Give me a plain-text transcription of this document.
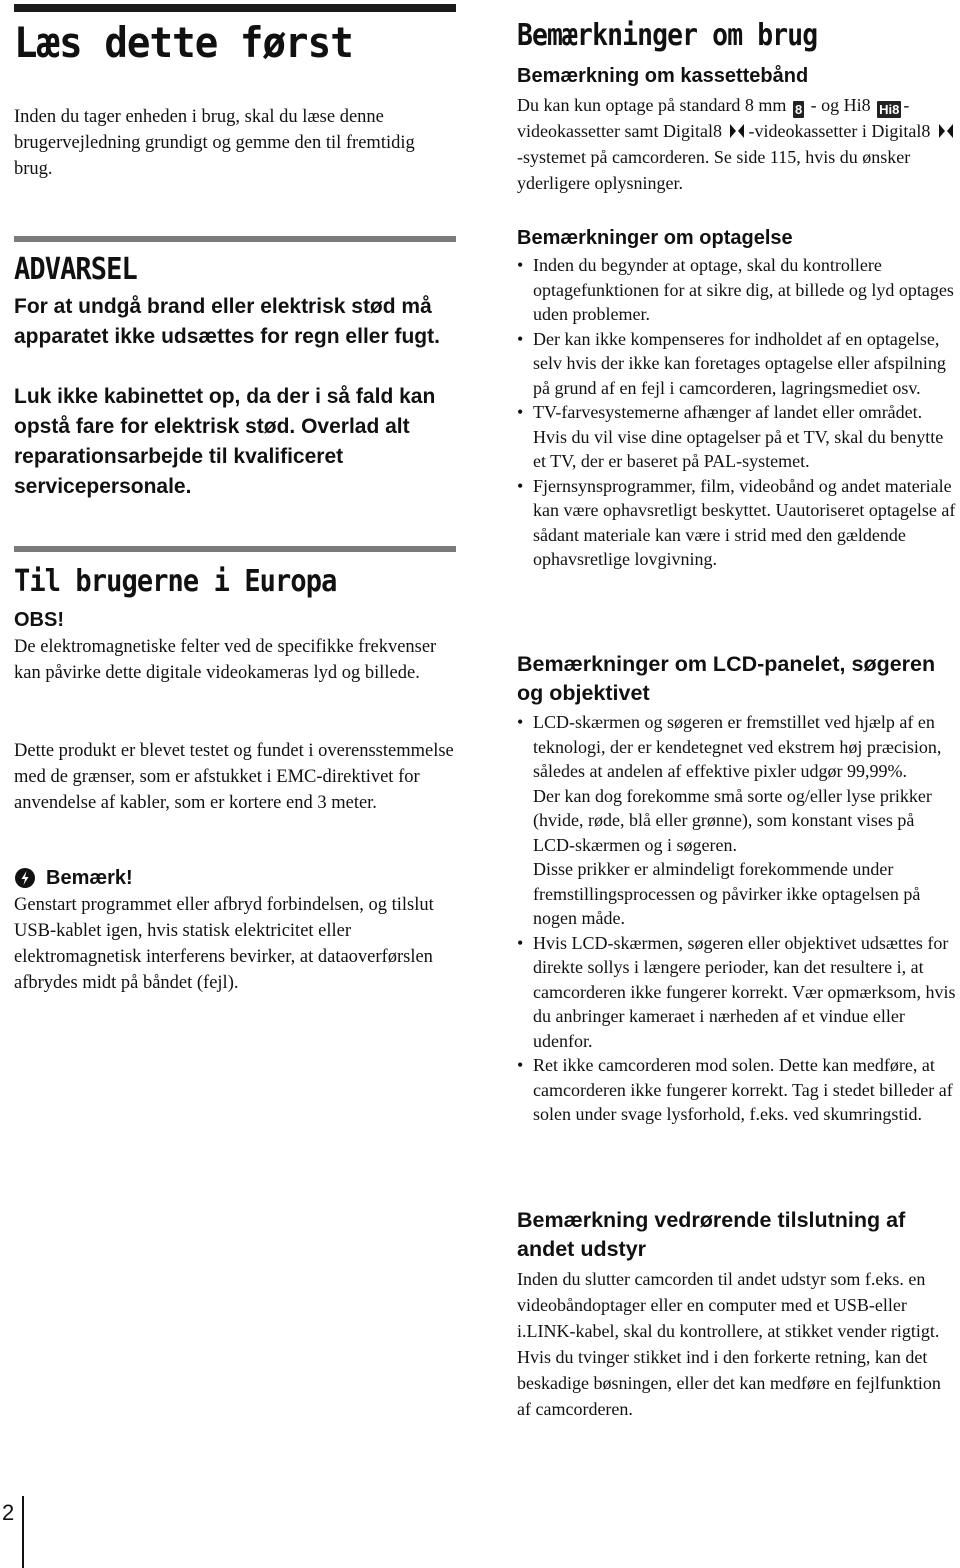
Læs dette først

Inden du tager enheden i brug, skal du læse denne brugervejledning grundigt og gemme den til fremtidig brug.

ADVARSEL

For at undgå brand eller elektrisk stød må apparatet ikke udsættes for regn eller fugt.

Luk ikke kabinettet op, da der i så fald kan opstå fare for elektrisk stød. Overlad alt reparationsarbejde til kvalificeret servicepersonale.

Til brugerne i Europa

OBS!

De elektromagnetiske felter ved de specifikke frekvenser kan påvirke dette digitale videokameras lyd og billede.

Dette produkt er blevet testet og fundet i overensstemmelse med de grænser, som er afstukket i EMC-direktivet for anvendelse af kabler, som er kortere end 3 meter.

Bemærk!

Genstart programmet eller afbryd forbindelsen, og tilslut USB-kablet igen, hvis statisk elektricitet eller elektromagnetisk interferens bevirker, at dataoverførslen afbrydes midt på båndet (fejl).

Bemærkninger om brug

Bemærkning om kassettebånd

Du kan kun optage på standard 8 mm 8 - og Hi8 Hi8 -videokassetter samt Digital8 -videokassetter i Digital8 -systemet på camcorderen. Se side 115, hvis du ønsker yderligere oplysninger.

Bemærkninger om optagelse

• Inden du begynder at optage, skal du kontrollere optagefunktionen for at sikre dig, at billede og lyd optages uden problemer.
• Der kan ikke kompenseres for indholdet af en optagelse, selv hvis der ikke kan foretages optagelse eller afspilning på grund af en fejl i camcorderen, lagringsmediet osv.
• TV-farvesystemerne afhænger af landet eller området. Hvis du vil vise dine optagelser på et TV, skal du benytte et TV, der er baseret på PAL-systemet.
• Fjernsynsprogrammer, film, videobånd og andet materiale kan være ophavsretligt beskyttet. Uautoriseret optagelse af sådant materiale kan være i strid med den gældende ophavsretlige lovgivning.

Bemærkninger om LCD-panelet, søgeren og objektivet

• LCD-skærmen og søgeren er fremstillet ved hjælp af en teknologi, der er kendetegnet ved ekstrem høj præcision, således at andelen af effektive pixler udgør 99,99%.
Der kan dog forekomme små sorte og/eller lyse prikker (hvide, røde, blå eller grønne), som konstant vises på LCD-skærmen og i søgeren.
Disse prikker er almindeligt forekommende under fremstillingsprocessen og påvirker ikke optagelsen på nogen måde.
• Hvis LCD-skærmen, søgeren eller objektivet udsættes for direkte sollys i længere perioder, kan det resultere i, at camcorderen ikke fungerer korrekt. Vær opmærksom, hvis du anbringer kameraet i nærheden af et vindue eller udenfor.
• Ret ikke camcorderen mod solen. Dette kan medføre, at camcorderen ikke fungerer korrekt. Tag i stedet billeder af solen under svage lysforhold, f.eks. ved skumringstid.

Bemærkning vedrørende tilslutning af andet udstyr

Inden du slutter camcorden til andet udstyr som f.eks. en videobåndoptager eller en computer med et USB-eller i.LINK-kabel, skal du kontrollere, at stikket vender rigtigt. Hvis du tvinger stikket ind i den forkerte retning, kan det beskadige bøsningen, eller det kan medføre en fejlfunktion af camcorderen.

2
